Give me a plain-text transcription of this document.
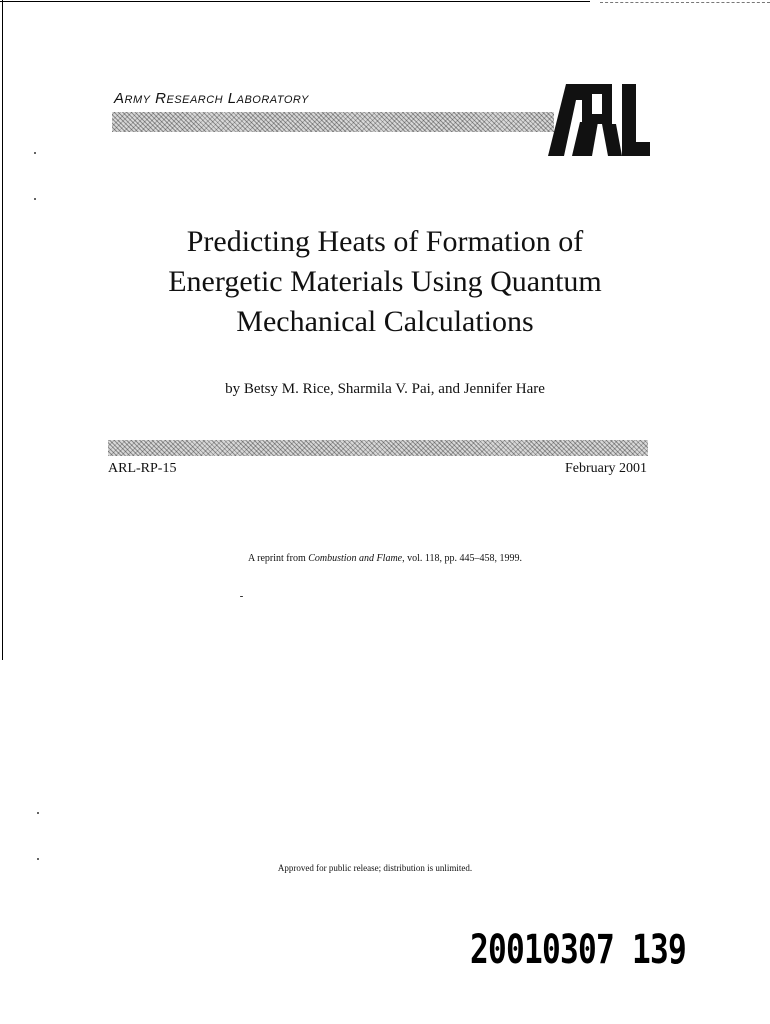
Army Research Laboratory
Predicting Heats of Formation of
Energetic Materials Using Quantum
Mechanical Calculations
by Betsy M. Rice, Sharmila V. Pai, and Jennifer Hare
ARL-RP-15	February 2001
A reprint from Combustion and Flame, vol. 118, pp. 445–458, 1999.
Approved for public release; distribution is unlimited.
20010307 139
